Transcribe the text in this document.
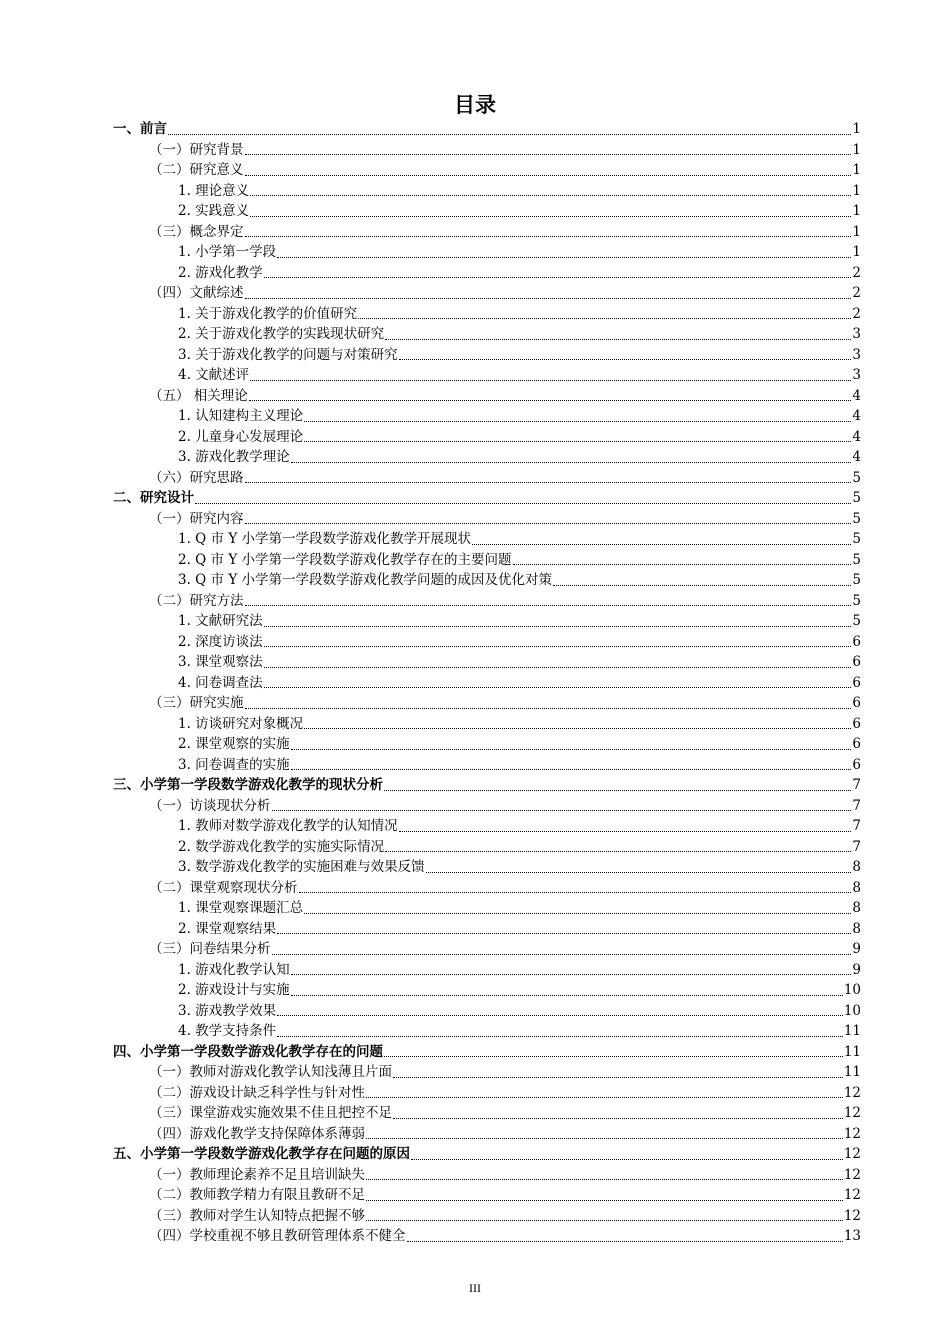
目录
一、前言	1
（一）研究背景	1
（二）研究意义	1
1. 理论意义	1
2. 实践意义	1
（三）概念界定	1
1. 小学第一学段	1
2. 游戏化教学	2
（四）文献综述	2
1. 关于游戏化教学的价值研究	2
2. 关于游戏化教学的实践现状研究	3
3. 关于游戏化教学的问题与对策研究	3
4. 文献述评	3
（五） 相关理论	4
1. 认知建构主义理论	4
2. 儿童身心发展理论	4
3. 游戏化教学理论	4
（六）研究思路	5
二、研究设计	5
（一）研究内容	5
1. Q 市 Y 小学第一学段数学游戏化教学开展现状	5
2. Q 市 Y 小学第一学段数学游戏化教学存在的主要问题	5
3. Q 市 Y 小学第一学段数学游戏化教学问题的成因及优化对策	5
（二）研究方法	5
1. 文献研究法	5
2. 深度访谈法	6
3. 课堂观察法	6
4. 问卷调查法	6
（三）研究实施	6
1. 访谈研究对象概况	6
2. 课堂观察的实施	6
3. 问卷调查的实施	6
三、小学第一学段数学游戏化教学的现状分析	7
（一）访谈现状分析	7
1. 教师对数学游戏化教学的认知情况	7
2. 数学游戏化教学的实施实际情况	7
3. 数学游戏化教学的实施困难与效果反馈	8
（二）课堂观察现状分析	8
1. 课堂观察课题汇总	8
2. 课堂观察结果	8
（三）问卷结果分析	9
1. 游戏化教学认知	9
2. 游戏设计与实施	10
3. 游戏教学效果	10
4. 教学支持条件	11
四、小学第一学段数学游戏化教学存在的问题	11
（一）教师对游戏化教学认知浅薄且片面	11
（二）游戏设计缺乏科学性与针对性	12
（三）课堂游戏实施效果不佳且把控不足	12
（四）游戏化教学支持保障体系薄弱	12
五、小学第一学段数学游戏化教学存在问题的原因	12
（一）教师理论素养不足且培训缺失	12
（二）教师教学精力有限且教研不足	12
（三）教师对学生认知特点把握不够	12
（四）学校重视不够且教研管理体系不健全	13
III
